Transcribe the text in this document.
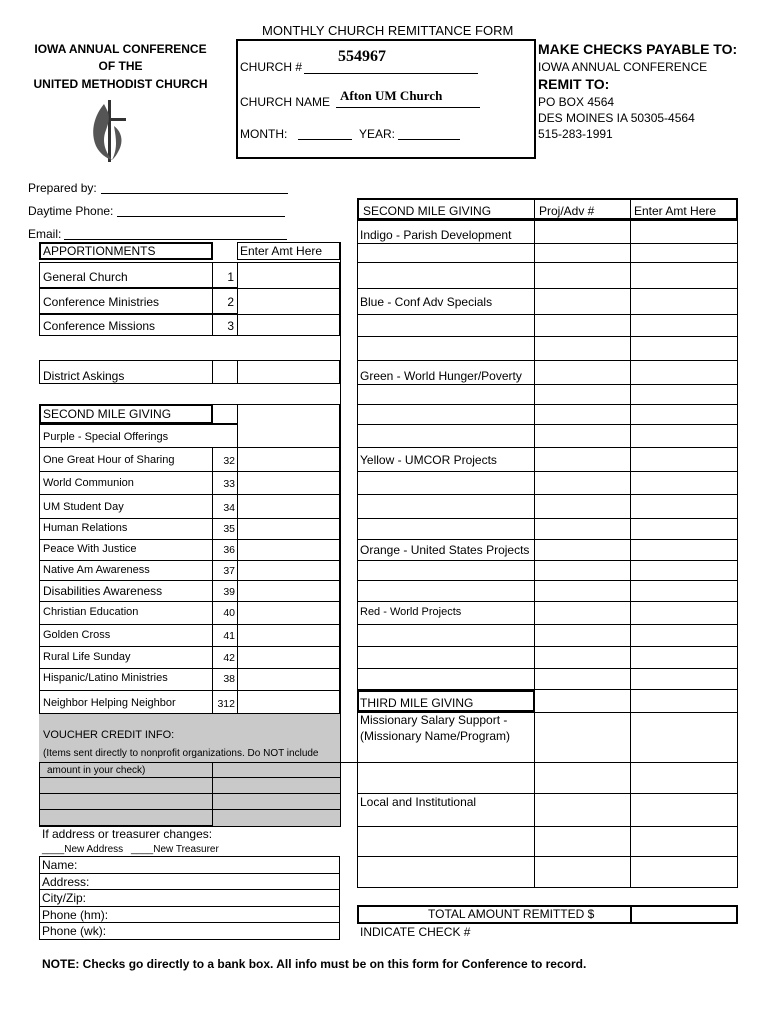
MONTHLY CHURCH REMITTANCE FORM
IOWA ANNUAL CONFERENCE
OF THE
UNITED METHODIST CHURCH
CHURCH #
554967
CHURCH NAME Afton UM Church
MONTH:	YEAR:
MAKE CHECKS PAYABLE TO:
IOWA ANNUAL CONFERENCE
REMIT TO:
PO BOX 4564
DES MOINES IA 50305-4564
515-283-1991
Prepared by:
Daytime Phone:
Email:
APPORTIONMENTS	Enter Amt Here
General Church	1
Conference Ministries	2
Conference Missions	3
District Askings
SECOND MILE GIVING
Purple - Special Offerings
One Great Hour of Sharing	32
World Communion	33
UM Student Day	34
Human Relations	35
Peace With Justice	36
Native Am Awareness	37
Disabilities Awareness	39
Christian Education	40
Golden Cross	41
Rural Life Sunday	42
Hispanic/Latino Ministries	38
Neighbor Helping Neighbor	312
VOUCHER CREDIT INFO:
(Items sent directly to nonprofit organizations. Do NOT include
amount in your check)
If address or treasurer changes:
____New Address ____New Treasurer
Name:
Address:
City/Zip:
Phone (hm):
Phone (wk):
SECOND MILE GIVING	Proj/Adv #	Enter Amt Here
Indigo - Parish Development
Blue - Conf Adv Specials
Green - World Hunger/Poverty
Yellow - UMCOR Projects
Orange - United States Projects
Red - World Projects
THIRD MILE GIVING
Missionary Salary Support -
(Missionary Name/Program)
Local and Institutional
TOTAL AMOUNT REMITTED $
INDICATE CHECK #
NOTE: Checks go directly to a bank box. All info must be on this form for Conference to record.
